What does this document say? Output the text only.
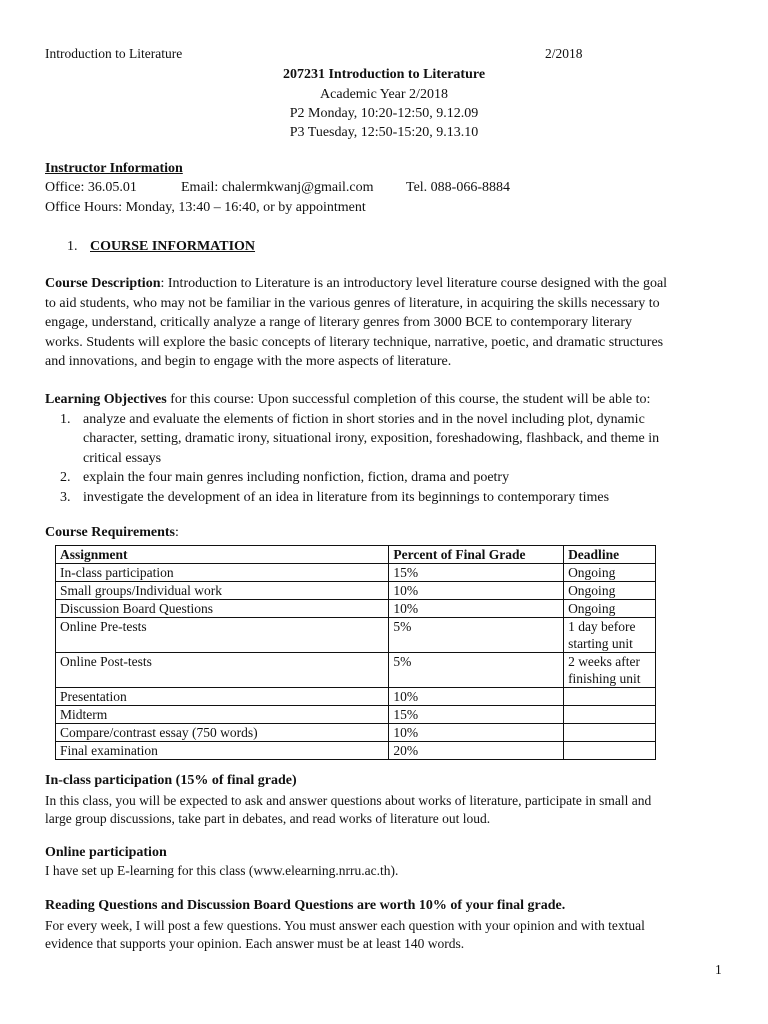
Introduction to Literature	2/2018
207231 Introduction to Literature
Academic Year 2/2018
P2 Monday, 10:20-12:50, 9.12.09
P3 Tuesday, 12:50-15:20, 9.13.10
Instructor Information
Office: 36.05.01	Email: chalermkwanj@gmail.com Tel. 088-066-8884
Office Hours: Monday, 13:40 – 16:40, or by appointment
1. COURSE INFORMATION
Course Description: Introduction to Literature is an introductory level literature course designed with the goal
to aid students, who may not be familiar in the various genres of literature, in acquiring the skills necessary to
engage, understand, critically analyze a range of literary genres from 3000 BCE to contemporary literary
works. Students will explore the basic concepts of literary technique, narrative, poetic, and dramatic structures
and innovations, and begin to engage with the more aspects of literature.
Learning Objectives for this course: Upon successful completion of this course, the student will be able to:
1. analyze and evaluate the elements of fiction in short stories and in the novel including plot, dynamic
character, setting, dramatic irony, situational irony, exposition, foreshadowing, flashback, and theme in
critical essays
2. explain the four main genres including nonfiction, fiction, drama and poetry
3. investigate the development of an idea in literature from its beginnings to contemporary times
Course Requirements:
Assignment	Percent of Final Grade	Deadline
In-class participation	15%	Ongoing

Small groups/Individual work	10%	Ongoing

Discussion Board Questions	10%	Ongoing

Online Pre-tests	5%	1 day before
starting unit

Online Post-tests	5%	2 weeks after
finishing unit

Presentation	10%	

Midterm	15%	

Compare/contrast essay (750 words)	10%	

Final examination	20%	

In-class participation (15% of final grade)
In this class, you will be expected to ask and answer questions about works of literature, participate in small and
large group discussions, take part in debates, and read works of literature out loud.
Online participation
I have set up E-learning for this class (www.elearning.nrru.ac.th).
Reading Questions and Discussion Board Questions are worth 10% of your final grade.
For every week, I will post a few questions. You must answer each question with your opinion and with textual
evidence that supports your opinion. Each answer must be at least 140 words.
1
